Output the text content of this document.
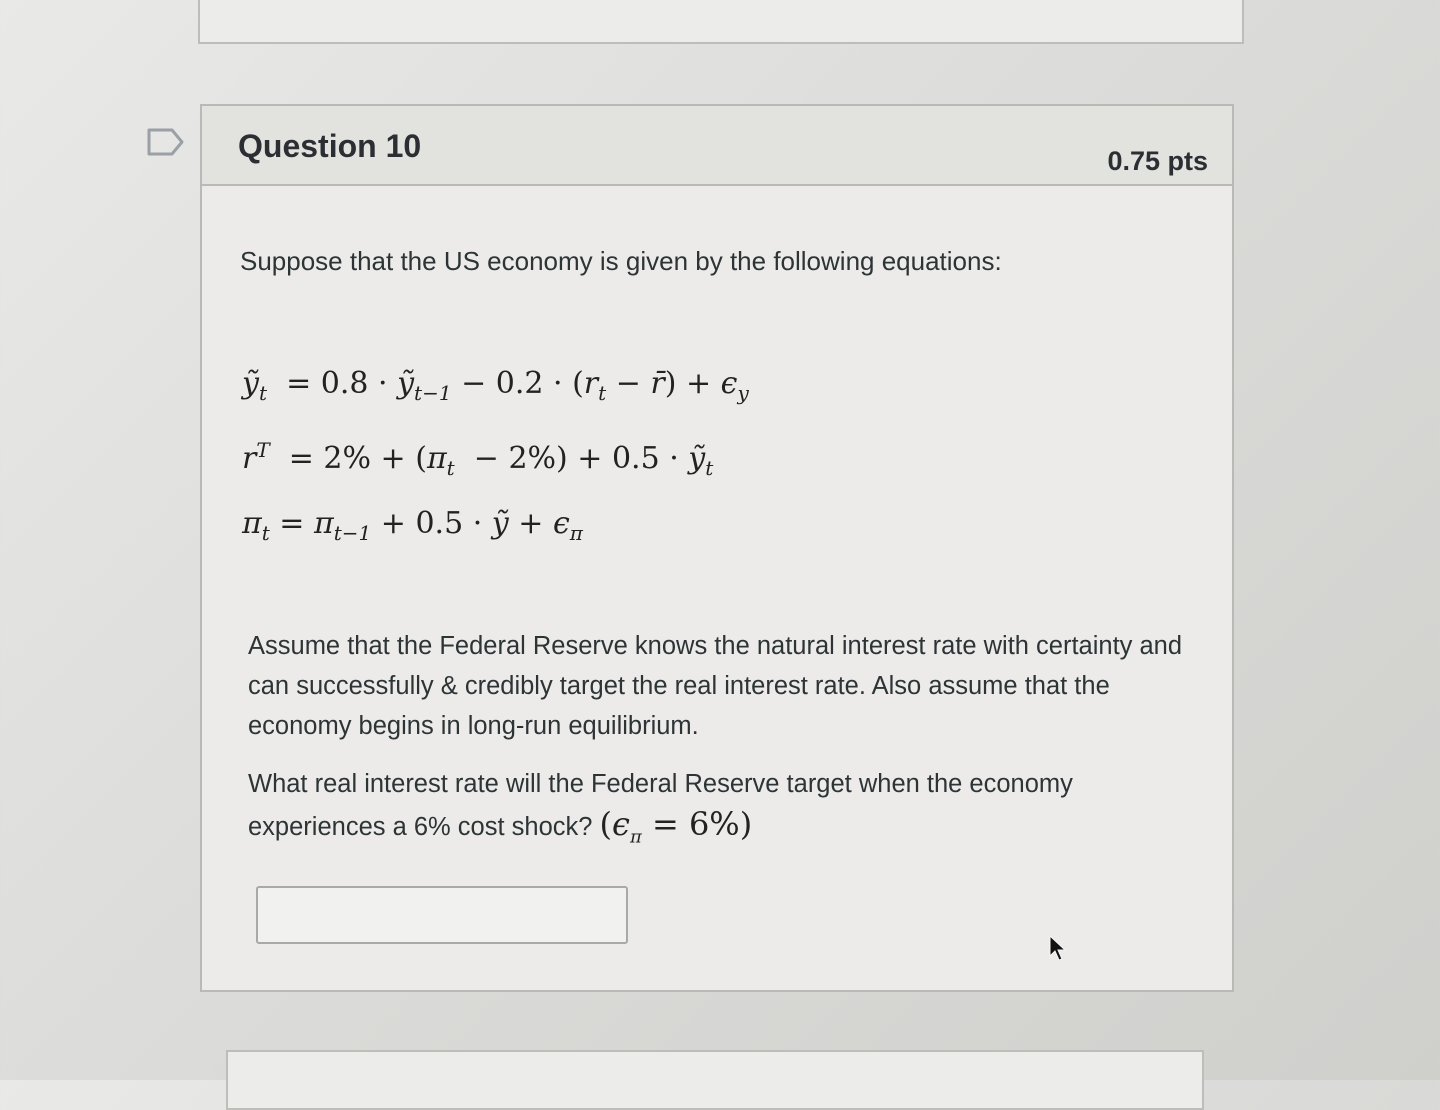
Question 10	0.75 pts
Suppose that the US economy is given by the following equations:
ỹ$_t$  = 0.8 · ỹ$_{t-1}$ − $0.2 \cdot (r_t$ − r̄) + $\epsilon_y$
$r^T = 2\% + (\pi_t - 2\%) + 0.5$ · ỹ$_t$
$\pi_t = \pi_{t-1} + 0.5$ · ỹ + $\epsilon_\pi$
Assume that the Federal Reserve knows the natural interest rate with certainty and can successfully & credibly target the real interest rate. Also assume that the economy begins in long-run equilibrium.
What real interest rate will the Federal Reserve target when the economy experiences a 6% cost shock? $(\epsilon_\pi = 6\%)$
